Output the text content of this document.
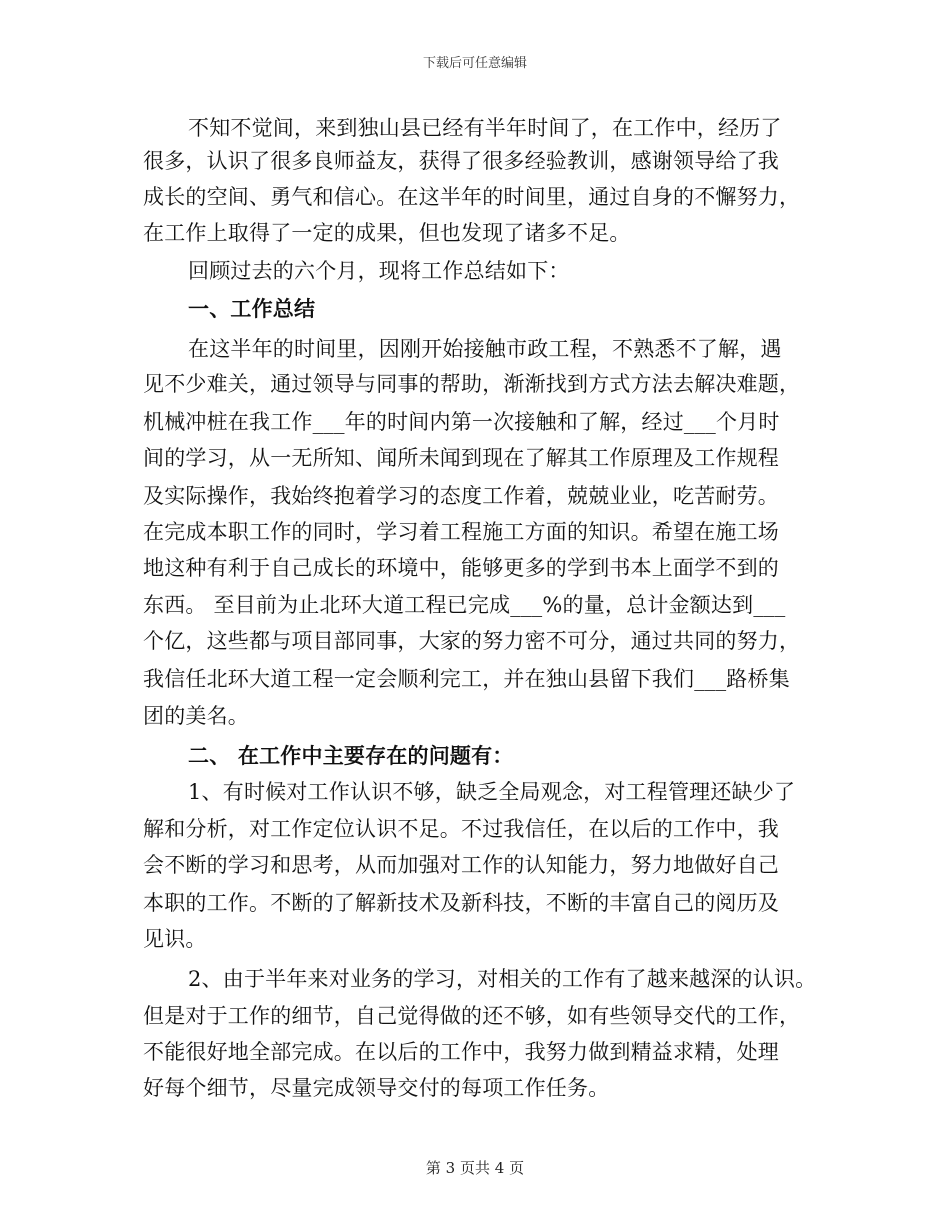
下载后可任意编辑
不知不觉间，来到独山县已经有半年时间了，在工作中，经历了
很多，认识了很多良师益友，获得了很多经验教训，感谢领导给了我
成长的空间、勇气和信心。在这半年的时间里，通过自身的不懈努力，
在工作上取得了一定的成果，但也发现了诸多不足。
回顾过去的六个月，现将工作总结如下：
一、工作总结
在这半年的时间里，因刚开始接触市政工程，不熟悉不了解，遇
见不少难关，通过领导与同事的帮助，渐渐找到方式方法去解决难题，
机械冲桩在我工作___年的时间内第一次接触和了解，经过___个月时
间的学习，从一无所知、闻所未闻到现在了解其工作原理及工作规程
及实际操作，我始终抱着学习的态度工作着，兢兢业业，吃苦耐劳。
在完成本职工作的同时，学习着工程施工方面的知识。希望在施工场
地这种有利于自己成长的环境中，能够更多的学到书本上面学不到的
东西。 至目前为止北环大道工程已完成___%的量，总计金额达到___
个亿，这些都与项目部同事，大家的努力密不可分，通过共同的努力，
我信任北环大道工程一定会顺利完工，并在独山县留下我们___路桥集
团的美名。
二、 在工作中主要存在的问题有：
1、有时候对工作认识不够，缺乏全局观念，对工程管理还缺少了
解和分析，对工作定位认识不足。不过我信任，在以后的工作中，我
会不断的学习和思考，从而加强对工作的认知能力，努力地做好自己
本职的工作。不断的了解新技术及新科技，不断的丰富自己的阅历及
见识。
2、由于半年来对业务的学习，对相关的工作有了越来越深的认识。
但是对于工作的细节，自己觉得做的还不够，如有些领导交代的工作，
不能很好地全部完成。在以后的工作中，我努力做到精益求精，处理
好每个细节，尽量完成领导交付的每项工作任务。
第 3 页共 4 页
